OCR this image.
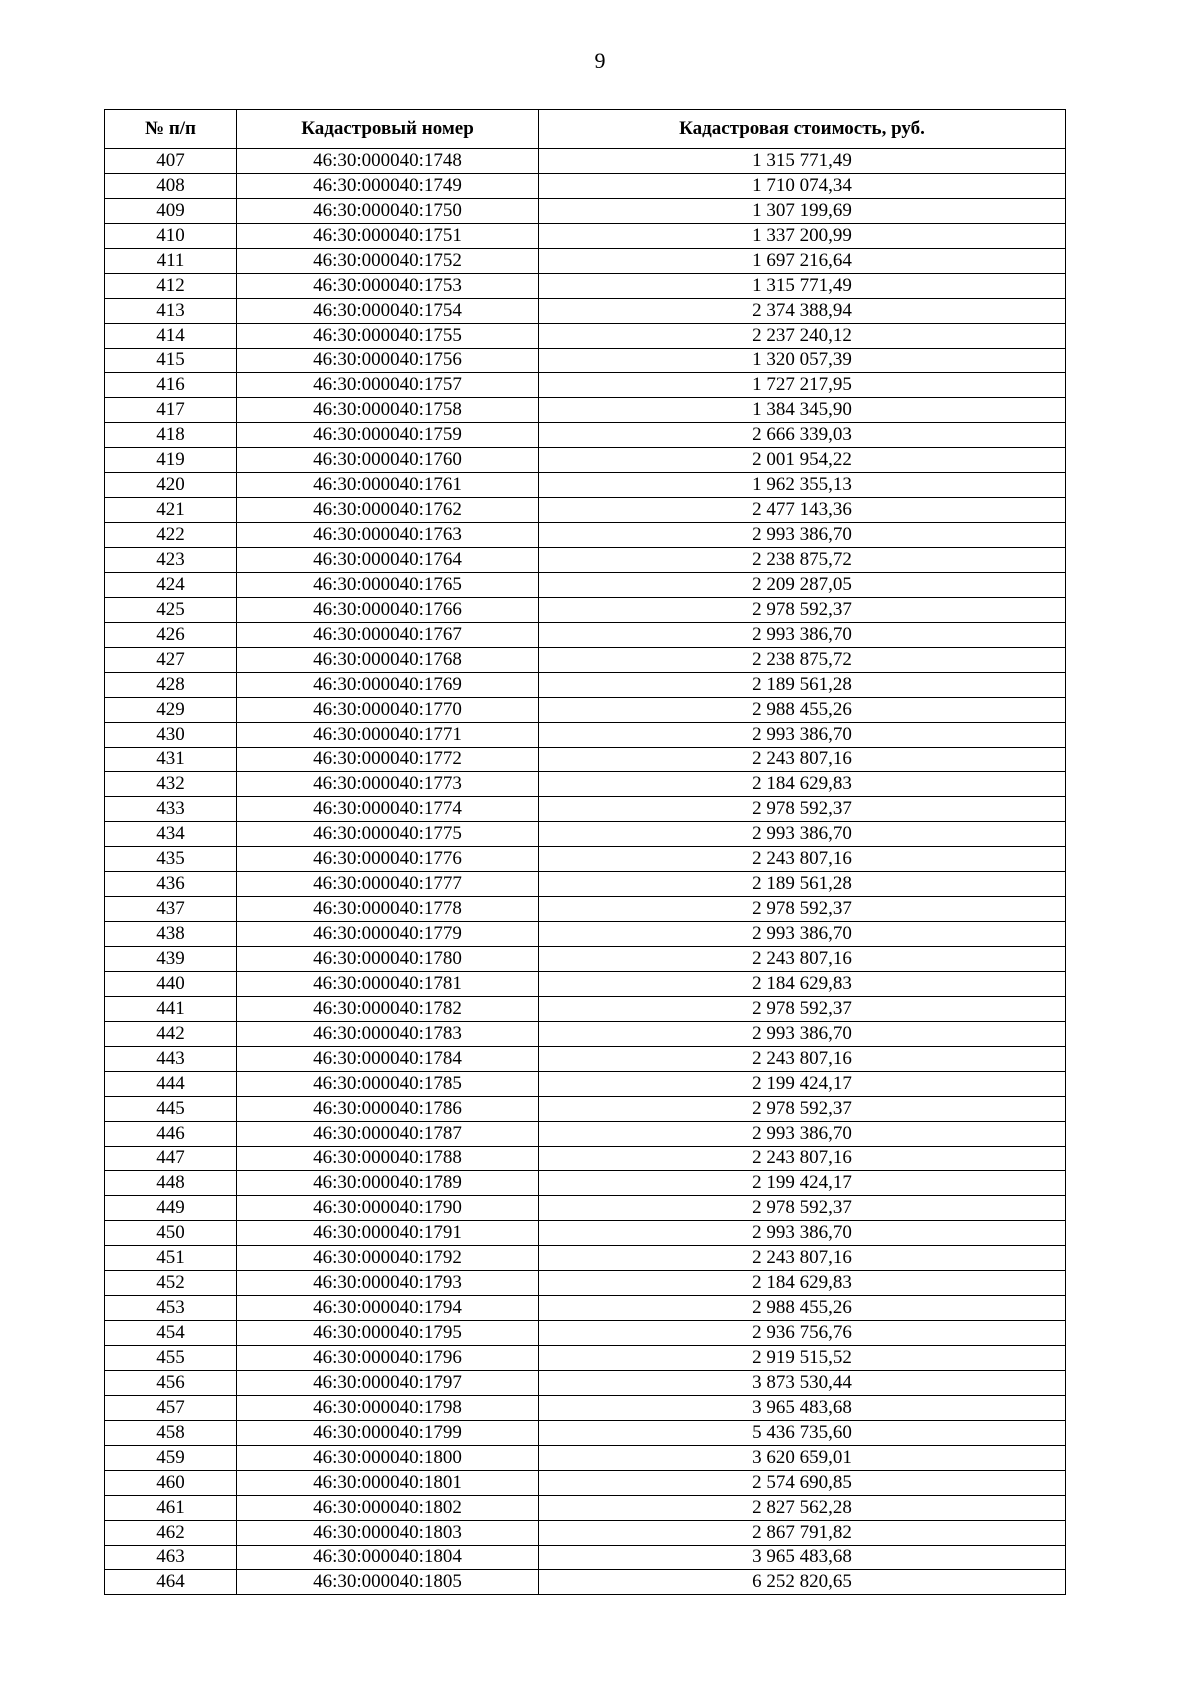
9
№ п/п	Кадастровый номер	Кадастровая стоимость, руб.
407	46:30:000040:1748	1 315 771,49
408	46:30:000040:1749	1 710 074,34
409	46:30:000040:1750	1 307 199,69
410	46:30:000040:1751	1 337 200,99
411	46:30:000040:1752	1 697 216,64
412	46:30:000040:1753	1 315 771,49
413	46:30:000040:1754	2 374 388,94
414	46:30:000040:1755	2 237 240,12
415	46:30:000040:1756	1 320 057,39
416	46:30:000040:1757	1 727 217,95
417	46:30:000040:1758	1 384 345,90
418	46:30:000040:1759	2 666 339,03
419	46:30:000040:1760	2 001 954,22
420	46:30:000040:1761	1 962 355,13
421	46:30:000040:1762	2 477 143,36
422	46:30:000040:1763	2 993 386,70
423	46:30:000040:1764	2 238 875,72
424	46:30:000040:1765	2 209 287,05
425	46:30:000040:1766	2 978 592,37
426	46:30:000040:1767	2 993 386,70
427	46:30:000040:1768	2 238 875,72
428	46:30:000040:1769	2 189 561,28
429	46:30:000040:1770	2 988 455,26
430	46:30:000040:1771	2 993 386,70
431	46:30:000040:1772	2 243 807,16
432	46:30:000040:1773	2 184 629,83
433	46:30:000040:1774	2 978 592,37
434	46:30:000040:1775	2 993 386,70
435	46:30:000040:1776	2 243 807,16
436	46:30:000040:1777	2 189 561,28
437	46:30:000040:1778	2 978 592,37
438	46:30:000040:1779	2 993 386,70
439	46:30:000040:1780	2 243 807,16
440	46:30:000040:1781	2 184 629,83
441	46:30:000040:1782	2 978 592,37
442	46:30:000040:1783	2 993 386,70
443	46:30:000040:1784	2 243 807,16
444	46:30:000040:1785	2 199 424,17
445	46:30:000040:1786	2 978 592,37
446	46:30:000040:1787	2 993 386,70
447	46:30:000040:1788	2 243 807,16
448	46:30:000040:1789	2 199 424,17
449	46:30:000040:1790	2 978 592,37
450	46:30:000040:1791	2 993 386,70
451	46:30:000040:1792	2 243 807,16
452	46:30:000040:1793	2 184 629,83
453	46:30:000040:1794	2 988 455,26
454	46:30:000040:1795	2 936 756,76
455	46:30:000040:1796	2 919 515,52
456	46:30:000040:1797	3 873 530,44
457	46:30:000040:1798	3 965 483,68
458	46:30:000040:1799	5 436 735,60
459	46:30:000040:1800	3 620 659,01
460	46:30:000040:1801	2 574 690,85
461	46:30:000040:1802	2 827 562,28
462	46:30:000040:1803	2 867 791,82
463	46:30:000040:1804	3 965 483,68
464	46:30:000040:1805	6 252 820,65
